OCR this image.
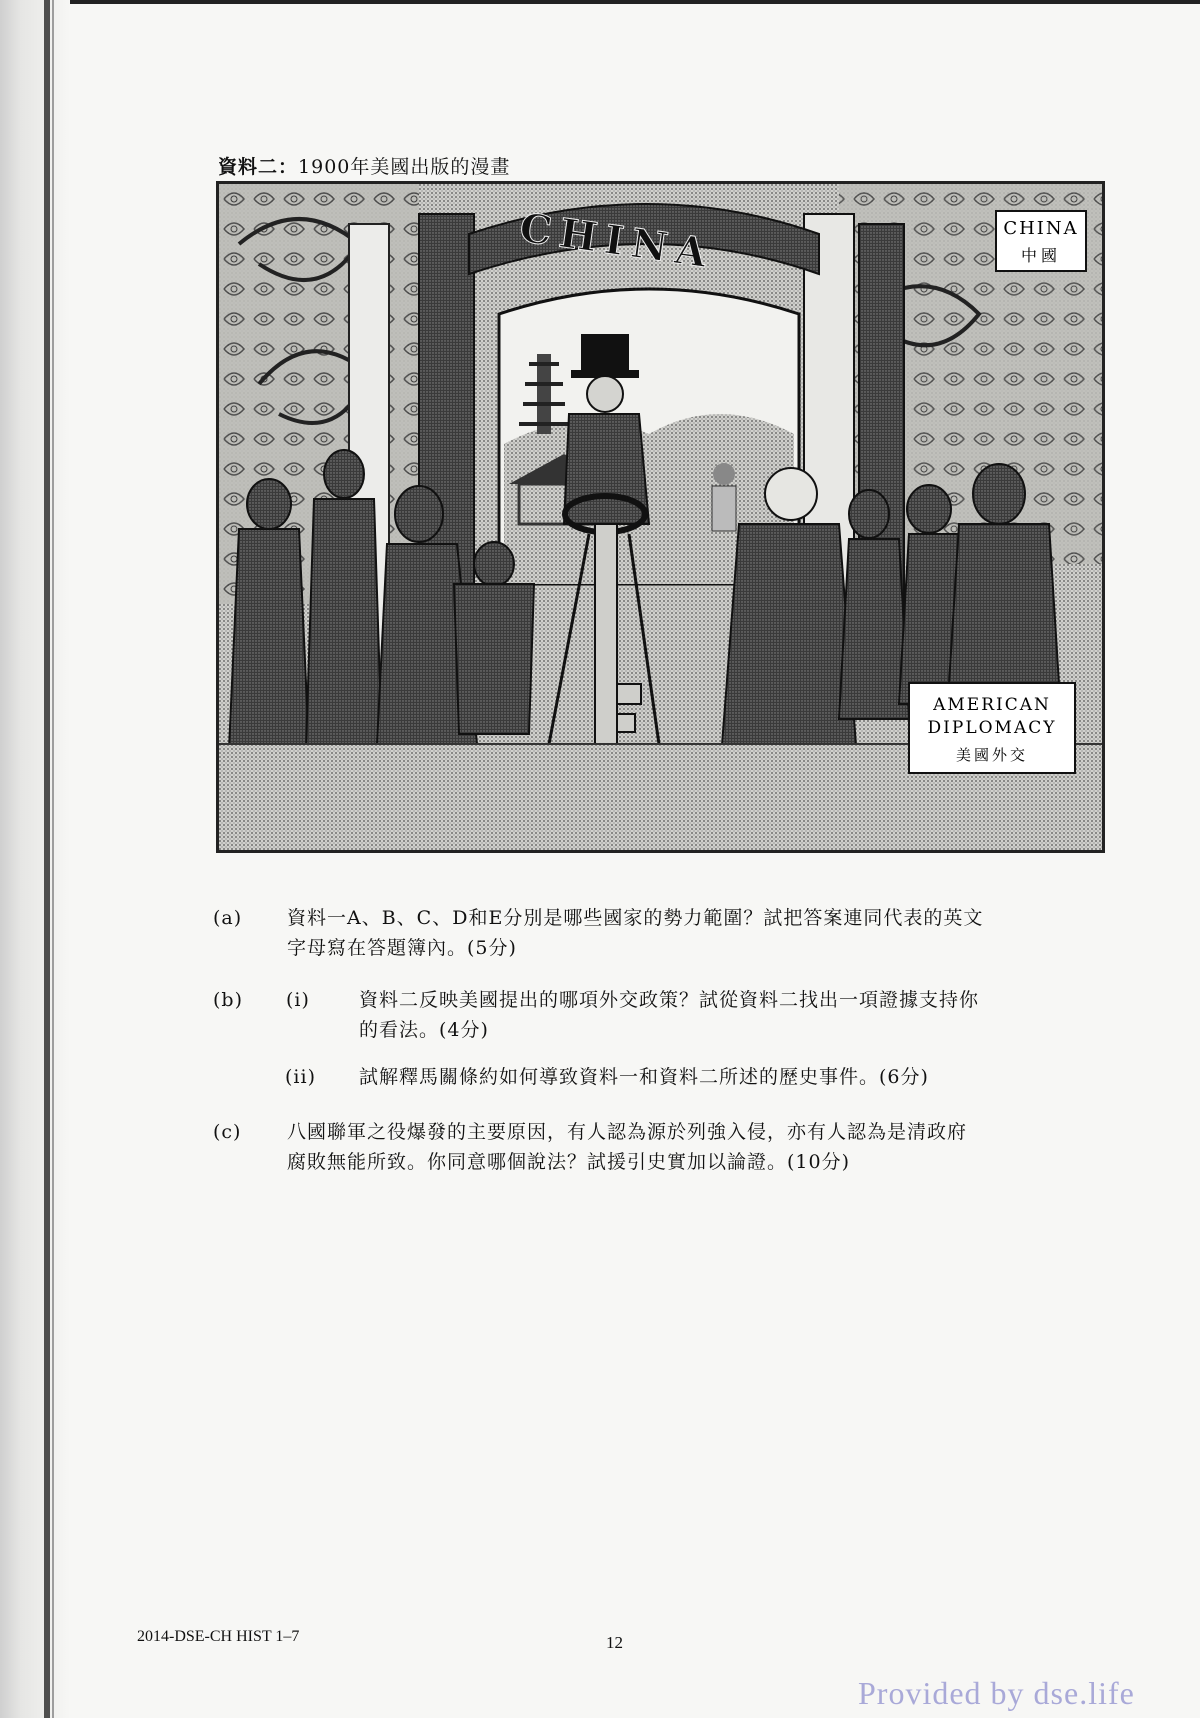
資料二：1900年美國出版的漫畫
CHINA	CHINA
中國
AMERICAN
DIPLOMACY
美國外交
(a) 資料一A、B、C、D和E分別是哪些國家的勢力範圍？試把答案連同代表的英文
字母寫在答題簿內。(5分)
(b) (i)	資料二反映美國提出的哪項外交政策？試從資料二找出一項證據支持你
的看法。(4分)
(ii) 試解釋馬關條約如何導致資料一和資料二所述的歷史事件。(6分)
(c) 八國聯軍之役爆發的主要原因，有人認為源於列強入侵，亦有人認為是清政府
腐敗無能所致。你同意哪個說法？試援引史實加以論證。(10分)
2014-DSE-CH HIST 1–7	12
Provided by dse.life
